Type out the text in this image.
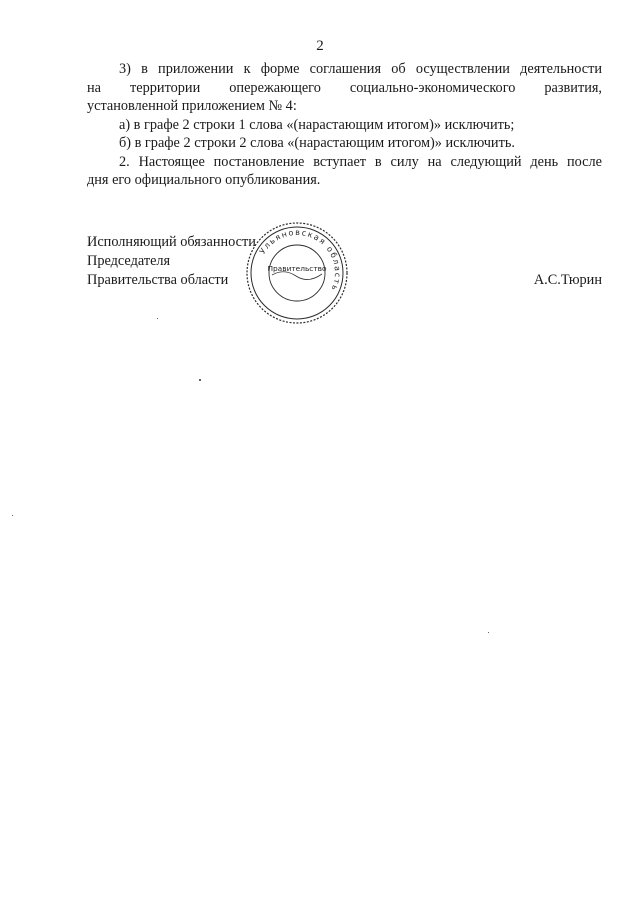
2

3) в приложении к форме соглашения об осуществлении деятельности

на территории опережающего социально-экономического развития,

установленной приложением № 4:

а) в графе 2 строки 1 слова «(нарастающим итогом)» исключить;

б) в графе 2 строки 2 слова «(нарастающим итогом)» исключить.

2. Настоящее постановление вступает в силу на следующий день после

дня его официального опубликования.

Исполняющий обязанности
Председателя
Правительства области	А.С.Тюрин
Ульяновская область
Правительство
